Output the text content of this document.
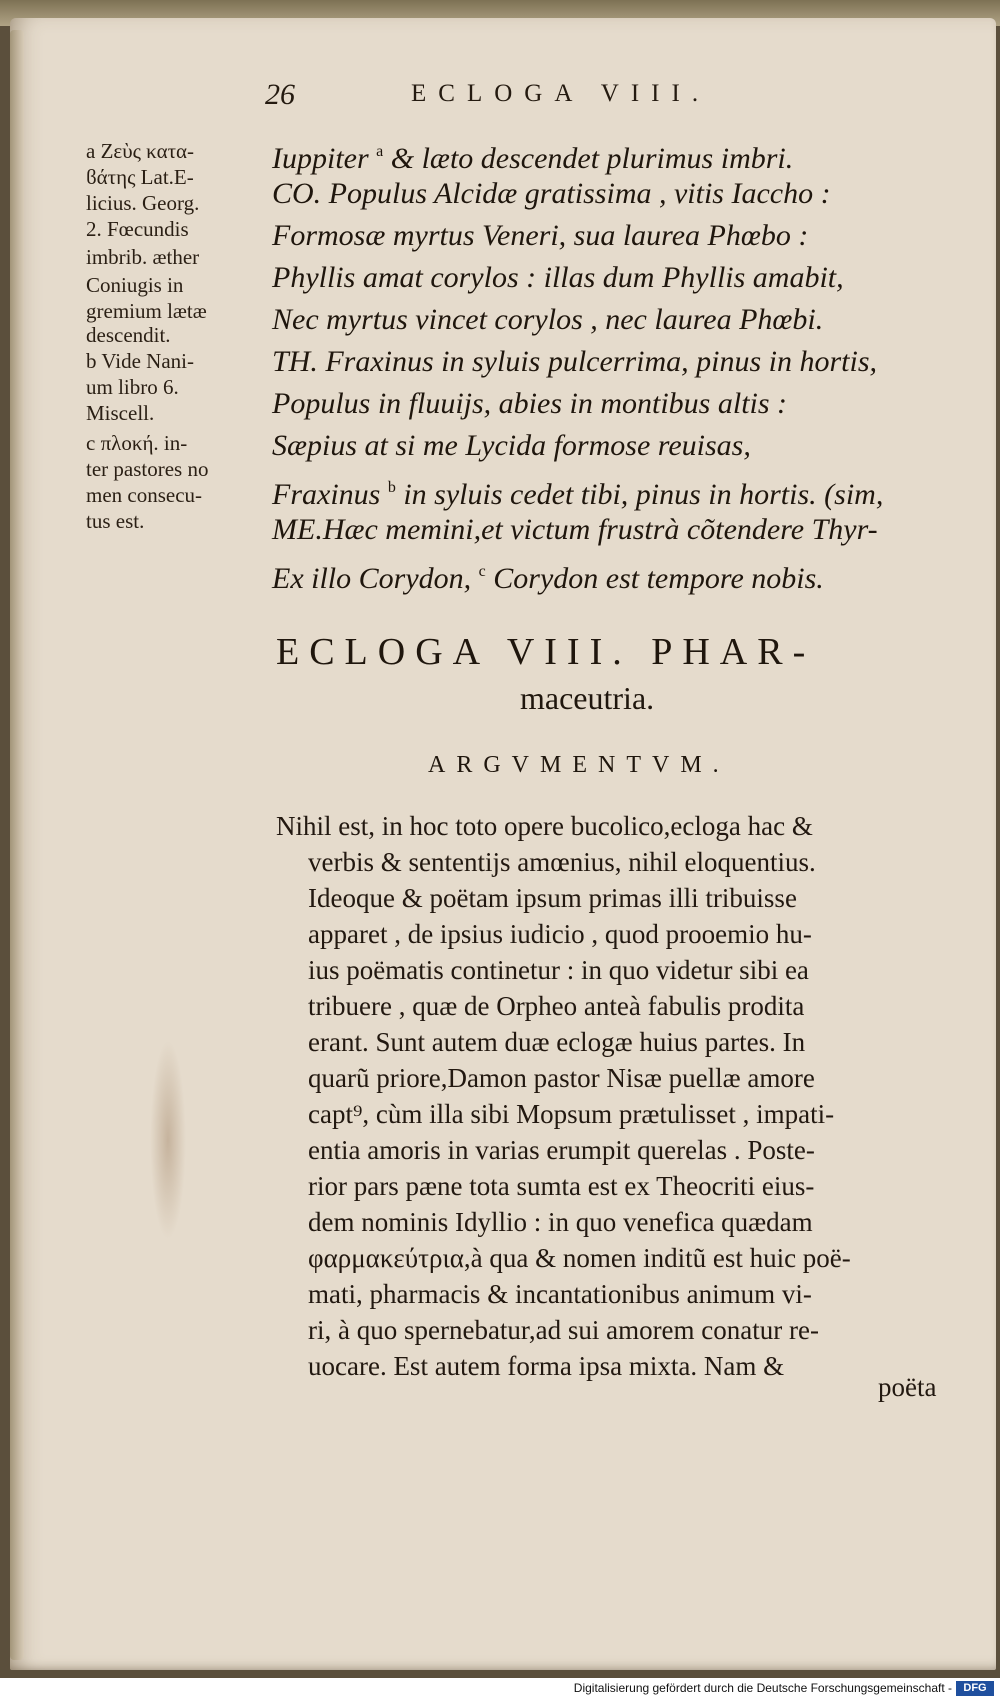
26	ECLOGA VIII.
a Ζεὺς κατα-
ϐάτης Lat.E-
licius. Georg.
2. Fœcundis
imbrib. æther
Coniugis in
gremium lætæ
descendit.
b Vide Nani-
um libro 6.
Miscell.
c πλοκή. in-
ter pastores no
men consecu-
tus est.
Iuppiter $^a$ & læto descendet plurimus imbri.
CO. Populus Alcidæ gratissima , vitis Iaccho :
Formosæ myrtus Veneri, sua laurea Phœbo :
Phyllis amat corylos : illas dum Phyllis amabit,
Nec myrtus vincet corylos , nec laurea Phœbi.
TH. Fraxinus in syluis pulcerrima, pinus in hortis,
Populus in fluuijs, abies in montibus altis :
Sæpius at si me Lycida formose reuisas,
Fraxinus $^b$ in syluis cedet tibi, pinus in hortis. (sim,
ME.Hæc memini,et victum frustrà cõtendere Thyr-
Ex illo Corydon, $^c$ Corydon est tempore nobis.
ECLOGA VIII. PHAR-
maceutria.
ARGVMENTVM.
Nihil est, in hoc toto opere bucolico,ecloga hac &
verbis & sententijs amœnius, nihil eloquentius.
Ideoque & poëtam ipsum primas illi tribuisse
apparet , de ipsius iudicio , quod prooemio hu-
ius poëmatis continetur : in quo videtur sibi ea
tribuere , quæ de Orpheo anteà fabulis prodita
erant. Sunt autem duæ eclogæ huius partes. In
quarũ priore,Damon pastor Nisæ puellæ amore
capt⁹, cùm illa sibi Mopsum prætulisset , impati-
entia amoris in varias erumpit querelas . Poste-
rior pars pæne tota sumta est ex Theocriti eius-
dem nominis Idyllio : in quo venefica quædam
φαρμακεύτρια,à qua & nomen inditũ est huic poë-
mati, pharmacis & incantationibus animum vi-
ri, à quo spernebatur,ad sui amorem conatur re-
uocare. Est autem forma ipsa mixta. Nam &
poëta
Digitalisierung gefördert durch die Deutsche Forschungsgemeinschaft -	DFG
